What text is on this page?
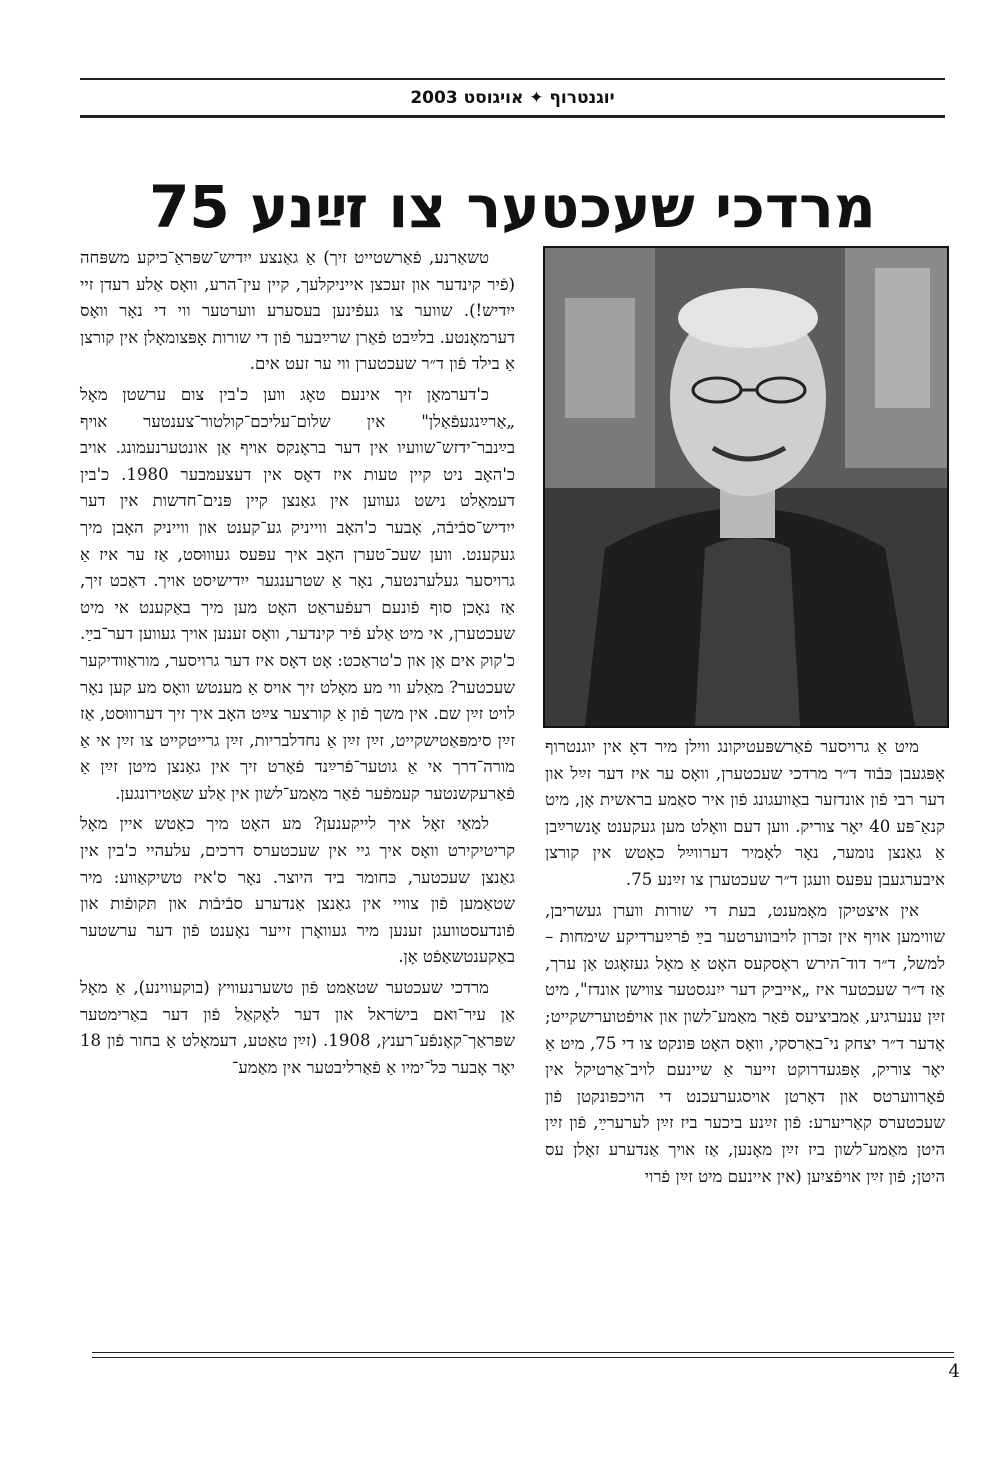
יוגנטרוף ✦ אויגוסט 2003
מרדכי שעכטער צו זײַנע 75

טשאַרנע, פֿאַרשטייט זיך) אַ גאַנצע ייִדיש־שפּראַ־כיקע משפּחה (פֿיר קינדער און זעכצן אייניקלעך, קיין עין־הרע, וואָס אַלע רעדן זיי ייִדיש!). שווער צו געפֿינען בעסערע ווערטער ווי די נאָר וואָס דערמאָנטע. בלײַבט פֿאַרן שרײַבער פֿון די שורות אָפּצומאָלן אין קורצן אַ בילד פֿון ד״ר שעכטערן ווי ער זעט אים.

כ'דערמאָן זיך אינעם טאָג ווען כ'בין צום ערשטן מאָל „אַרײַנגעפֿאַלן" אין שלום־עליכם־קולטור־צענטער אויף בײַנבר־ידזש־שוועיו אין דער בראָנקס אויף אַן אונטערנעמונג. אויב כ'האָב ניט קיין טעות איז דאָס אין דעצעמבער 1980. כ'בין דעמאָלט נישט געווען אין גאַנצן קיין פּנים־חדשות אין דער ייִדיש־סבֿיבֿה, אָבער כ'האָב ווייניק גע־קענט און ווייניק האָבן מיך געקענט. ווען שעכ־טערן האָב איך עפּעס געוווּסט, אַז ער איז אַ גרויסער געלערנטער, נאָר אַ שטרענגער ייִדישיסט אויך. דאַכט זיך, אַז נאָכן סוף פֿונעם רעפֿעראַט האָט מען מיך באַקענט אי מיט שעכטערן, אי מיט אַלע פֿיר קינדער, וואָס זענען אויך געווען דער־בײַ. כ'קוק אים אָן און כ'טראַכט: אָט דאָס איז דער גרויסער, מוראַוודיקער שעכטער? מאַלע ווי מע מאָלט זיך אויס אַ מענטש וואָס מע קען נאָר לויט זײַן שם. אין משך פֿון אַ קורצער צײַט האָב איך זיך דערוווּסט, אַז זײַן סימפּאַטישקייט, זײַן זײַן אַ נחדלבריות, זײַן גרייטקייט צו זײַן אי אַ מורה־דרך אי אַ גוטער־פֿרײַנד פֿאַרט זיך אין גאַנצן מיטן זײַן אַ פֿאַרעקשנטער קעמפֿער פֿאַר מאַמע־לשון אין אַלע שאַטירונגען.

למאַי זאָל איך לייקענען? מע האָט מיך כאָטש איין מאָל קריטיקירט וואָס איך גיי אין שעכטערס דרכים, עלעהיי כ'בין אין גאַנצן שעכטער, כּחומר ביד היוצר. נאָר ס'איז טשיקאַווע: מיר שטאַמען פֿון צוויי אין גאַנצן אַנדערע סבֿיבֿות און תּקופֿות און פֿונדעסטוועגן זענען מיר געוואָרן זייער נאָענט פֿון דער ערשטער באַקענטשאַפֿט אָן.

מרדכי שעכטער שטאַמט פֿון טשערנעוויץ (בוקעווינע), אַ מאָל אַן עיר־ואם בישׂראל און דער לאָקאַל פֿון דער באַרימטער שפּראַך־קאָנפֿע־רענץ, 1908. (זײַן טאַטע, דעמאָלט אַ בחור פֿון 18 יאָר אָבער כּל־ימיו אַ פֿאַרליבטער אין מאַמע־

מיט אַ גרויסער פֿאַרשפּעטיקונג ווילן מיר דאָ אין יוגנטרוף אָפּגעבן כּבֿוד ד״ר מרדכי שעכטערן, וואָס ער איז דער זײַל און דער רבי פֿון אונדזער באַוועגונג פֿון איר סאַמע בראשית אָן, מיט קנאַ־פּע 40 יאָר צוריק. ווען דעם וואָלט מען געקענט אָנשרײַבן אַ גאַנצן נומער, נאָר לאָמיר דערווײַל כאָטש אין קורצן איבערגעבן עפּעס וועגן ד״ר שעכטערן צו זײַנע 75.

אין איצטיקן מאָמענט, בעת די שורות ווערן געשריבן, שווימען אויף אין זכּרון לויבווערטער בײַ פֿרײַערדיקע שימחות – למשל, ד״ר דוד־הירש ראָסקעס האָט אַ מאָל געזאָגט אַן ערך, אַז ד״ר שעכטער איז „אייביק דער ייִנגסטער צווישן אונדז", מיט זײַן ענערגיע, אַמביציעס פֿאַר מאַמע־לשון און אויפֿטוערישקייט; אָדער ד״ר יצחק ני־באַרסקי, וואָס האָט פּונקט צו די 75, מיט אַ יאָר צוריק, אָפּגעדרוקט זייער אַ שיינעם לויב־אַרטיקל אין פֿאָרווערטס און דאָרטן אויסגערעכנט די הויכפּונקטן פֿון שעכטערס קאַריערע: פֿון זײַנע ביכער ביז זײַן לערערײַ, פֿון זײַן היטן מאַמע־לשון ביז זײַן מאָנען, אַז אויך אַנדערע זאָלן עס היטן; פֿון זײַן אויפֿציִען (אין איינעם מיט זײַן פֿרוי

4
